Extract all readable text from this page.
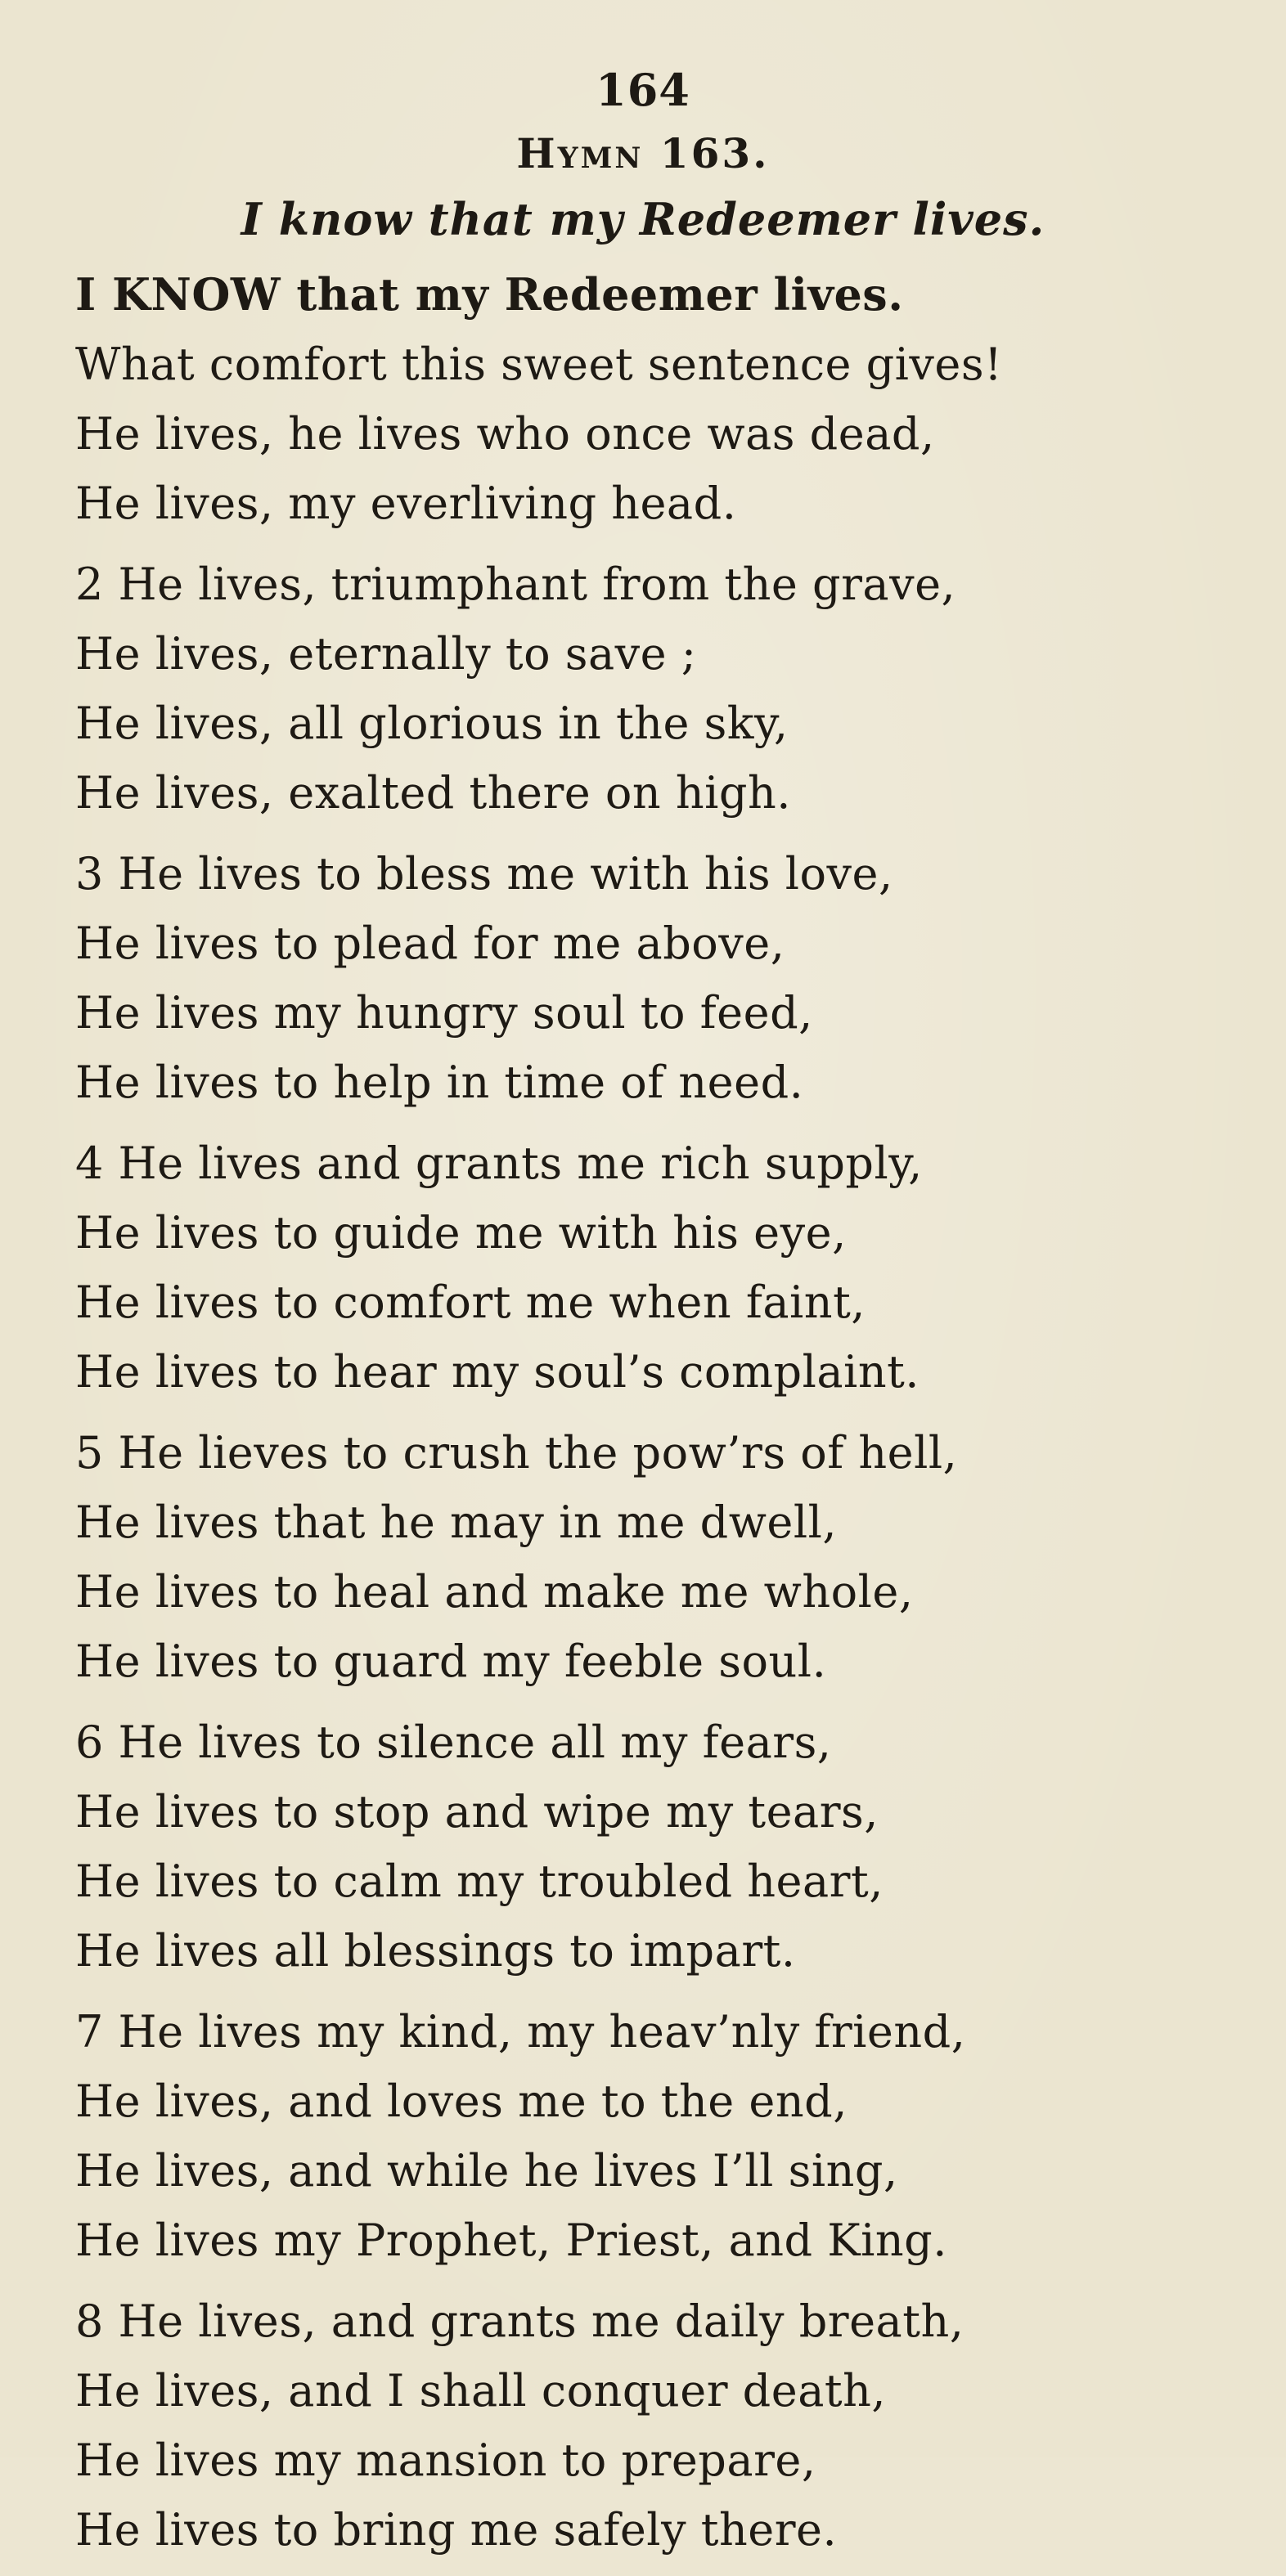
164
Hymn 163.
I know that my Redeemer lives.
I KNOW that my Redeemer lives.
What comfort this sweet sentence gives!
He lives, he lives who once was dead,
He lives, my everliving head.
2 He lives, triumphant from the grave,
He lives, eternally to save ;
He lives, all glorious in the sky,
He lives, exalted there on high.
3 He lives to bless me with his love,
He lives to plead for me above,
He lives my hungry soul to feed,
He lives to help in time of need.
4 He lives and grants me rich supply,
He lives to guide me with his eye,
He lives to comfort me when faint,
He lives to hear my soul’s complaint.
5 He lieves to crush the pow’rs of hell,
He lives that he may in me dwell,
He lives to heal and make me whole,
He lives to guard my feeble soul.
6 He lives to silence all my fears,
He lives to stop and wipe my tears,
He lives to calm my troubled heart,
He lives all blessings to impart.
7 He lives my kind, my heav’nly friend,
He lives, and loves me to the end,
He lives, and while he lives I’ll sing,
He lives my Prophet, Priest, and King.
8 He lives, and grants me daily breath,
He lives, and I shall conquer death,
He lives my mansion to prepare,
He lives to bring me safely there.
